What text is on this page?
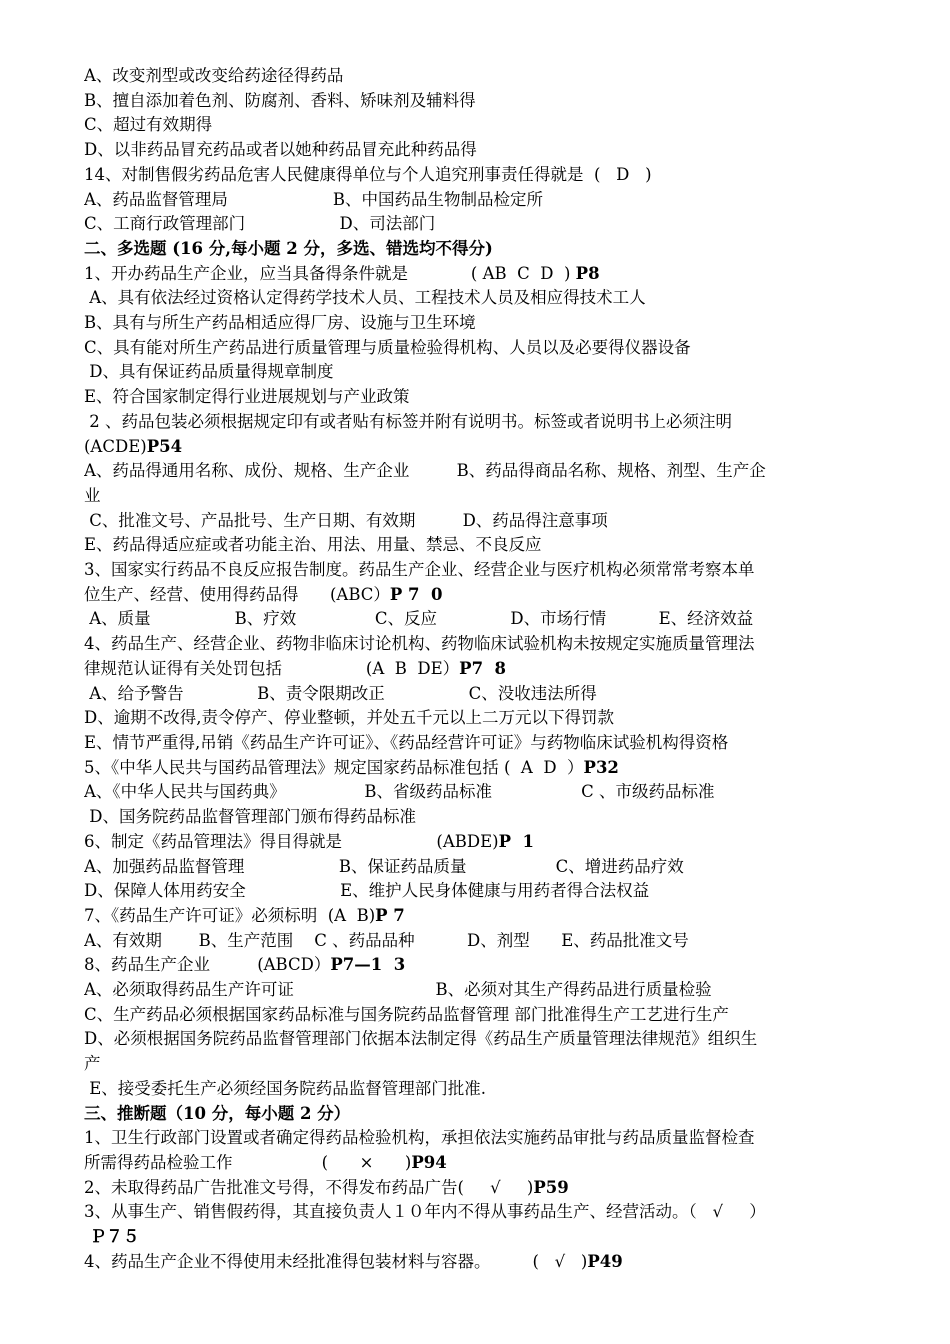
A、改变剂型或改变给药途径得药品
B、擅自添加着色剂、防腐剂、香料、矫味剂及辅料得
C、超过有效期得
D、以非药品冒充药品或者以她种药品冒充此种药品得
14、对制售假劣药品危害人民健康得单位与个人追究刑事责任得就是  (   D   )
A、药品监督管理局                    B、中国药品生物制品检定所
C、工商行政管理部门                  D、司法部门
二、多选题 (16 分,每小题 2 分，多选、错选均不得分)
1、开办药品生产企业，应当具备得条件就是            ( AB  C  D  ) P8
A、具有依法经过资格认定得药学技术人员、工程技术人员及相应得技术工人
B、具有与所生产药品相适应得厂房、设施与卫生环境
C、具有能对所生产药品进行质量管理与质量检验得机构、人员以及必要得仪器设备
D、具有保证药品质量得规章制度
E、符合国家制定得行业进展规划与产业政策
2 、药品包装必须根据规定印有或者贴有标签并附有说明书。标签或者说明书上必须注明
(ACDE)P54
A、药品得通用名称、成份、规格、生产企业         B、药品得商品名称、规格、剂型、生产企
业
C、批准文号、产品批号、生产日期、有效期         D、药品得注意事项
E、药品得适应症或者功能主治、用法、用量、禁忌、不良反应
3、国家实行药品不良反应报告制度。药品生产企业、经营企业与医疗机构必须常常考察本单
位生产、经营、使用得药品得      (ABC）P 7  0
A、质量                B、疗效               C、反应              D、市场行情          E、经济效益
4、药品生产、经营企业、药物非临床讨论机构、药物临床试验机构未按规定实施质量管理法
律规范认证得有关处罚包括                (A  B  DE）P7  8
A、给予警告              B、责令限期改正                C、没收违法所得
D、逾期不改得,责令停产、停业整顿，并处五千元以上二万元以下得罚款
E、情节严重得,吊销《药品生产许可证》、《药品经营许可证》与药物临床试验机构得资格
5、《中华人民共与国药品管理法》规定国家药品标准包括 (  A  D  ）P32
A、《中华人民共与国药典》               B、省级药品标准                 C 、市级药品标准
D、国务院药品监督管理部门颁布得药品标准
6、制定《药品管理法》得目得就是                  (ABDE)P  1
A、加强药品监督管理                  B、保证药品质量                 C、增进药品疗效
D、保障人体用药安全                  E、维护人民身体健康与用药者得合法权益
7、《药品生产许可证》必须标明  (A  B)P 7
A、有效期       B、生产范围    C 、药品品种          D、剂型      E、药品批准文号
8、药品生产企业         (ABCD）P7—1  3
A、必须取得药品生产许可证                           B、必须对其生产得药品进行质量检验
C、生产药品必须根据国家药品标准与国务院药品监督管理 部门批准得生产工艺进行生产
D、必须根据国务院药品监督管理部门依据本法制定得《药品生产质量管理法律规范》组织生
产
E、接受委托生产必须经国务院药品监督管理部门批准.
三、推断题（10 分，每小题 2 分）
1、卫生行政部门设置或者确定得药品检验机构，承担依法实施药品审批与药品质量监督检查
所需得药品检验工作                 (      ×      )P94
2、未取得药品广告批准文号得，不得发布药品广告(     √     )P59
3、从事生产、销售假药得，其直接负责人１０年内不得从事药品生产、经营活动。（   √     ）
Ｐ７５
4、药品生产企业不得使用未经批准得包装材料与容器。        (   √   )P49
